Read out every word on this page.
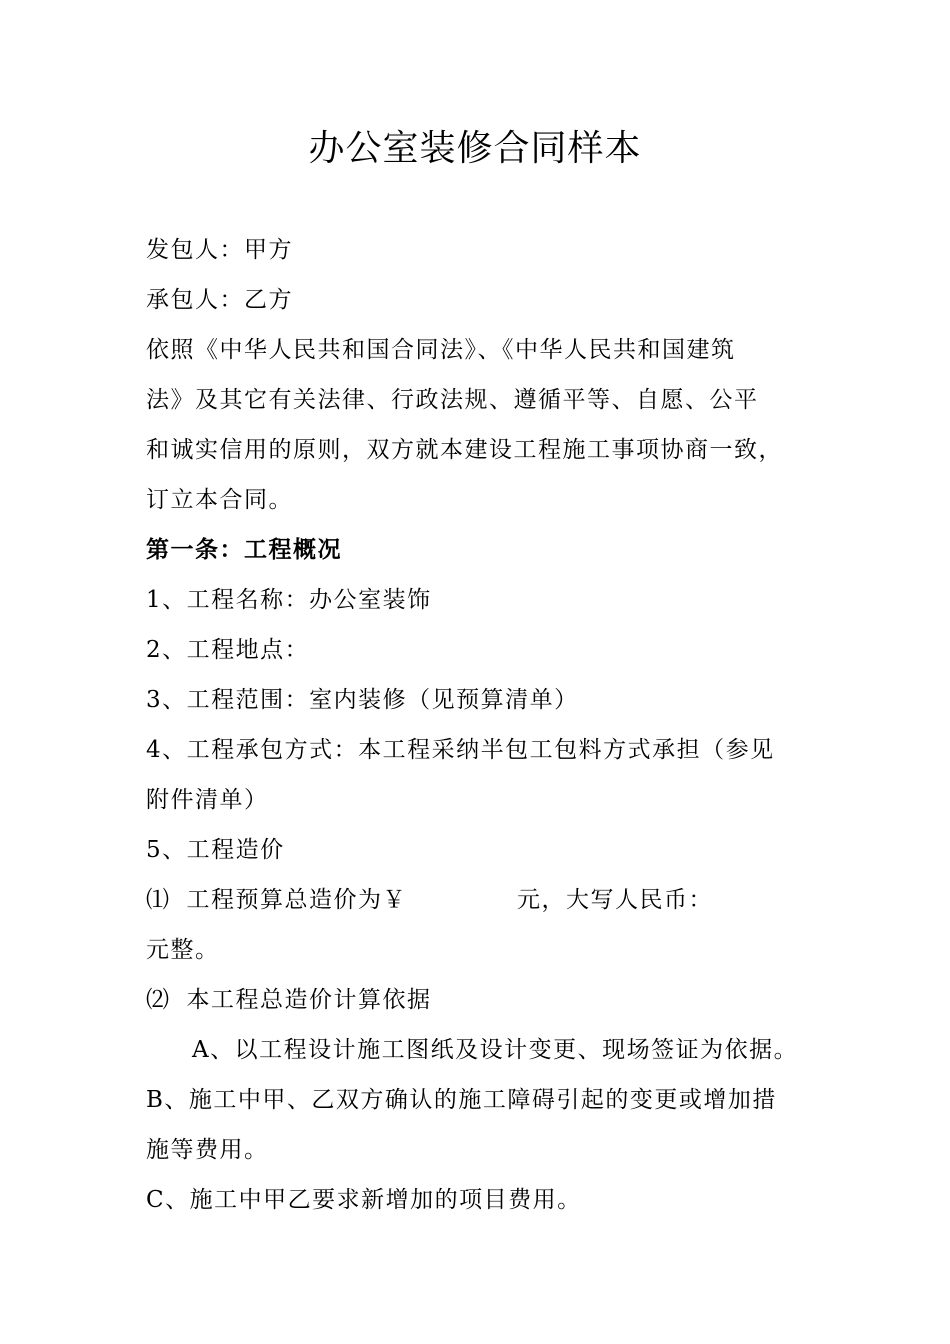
办公室装修合同样本
发包人：甲方
承包人：乙方
依照《中华人民共和国合同法》、《中华人民共和国建筑
法》及其它有关法律、行政法规、遵循平等、自愿、公平
和诚实信用的原则，双方就本建设工程施工事项协商一致，
订立本合同。
第一条：工程概况
1、工程名称：办公室装饰
2、工程地点：
3、工程范围：室内装修（见预算清单）
4、工程承包方式：本工程采纳半包工包料方式承担（参见
附件清单）
5、工程造价
⑴ 工程预算总造价为￥	元，大写人民币：
元整。
⑵ 本工程总造价计算依据
A、以工程设计施工图纸及设计变更、现场签证为依据。
B、施工中甲、乙双方确认的施工障碍引起的变更或增加措
施等费用。
C、施工中甲乙要求新增加的项目费用。
